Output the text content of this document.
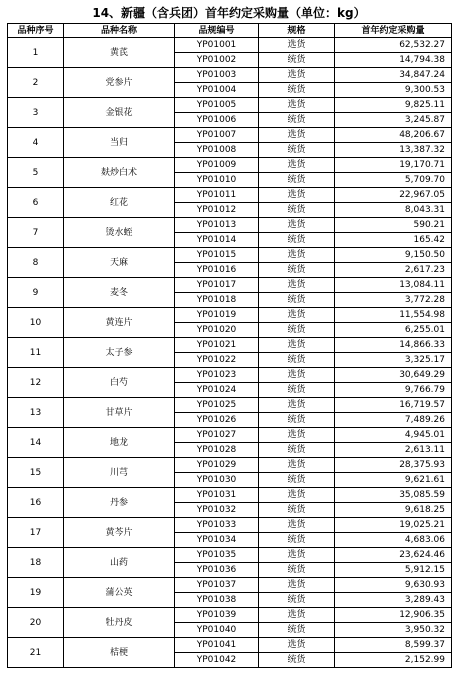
14、新疆（含兵团）首年约定采购量（单位：kg）
品种序号	品种名称	品规编号	规格	首年约定采购量
1	黄芪	YP01001	选货	62,532.27
		YP01002	统货	14,794.38
2	党参片	YP01003	选货	34,847.24
		YP01004	统货	9,300.53
3	金银花	YP01005	选货	9,825.11
		YP01006	统货	3,245.87
4	当归	YP01007	选货	48,206.67
		YP01008	统货	13,387.32
5	麸炒白术	YP01009	选货	19,170.71
		YP01010	统货	5,709.70
6	红花	YP01011	选货	22,967.05
		YP01012	统货	8,043.31
7	烫水蛭	YP01013	选货	590.21
		YP01014	统货	165.42
8	天麻	YP01015	选货	9,150.50
		YP01016	统货	2,617.23
9	麦冬	YP01017	选货	13,084.11
		YP01018	统货	3,772.28
10	黄连片	YP01019	选货	11,554.98
		YP01020	统货	6,255.01
11	太子参	YP01021	选货	14,866.33
		YP01022	统货	3,325.17
12	白芍	YP01023	选货	30,649.29
		YP01024	统货	9,766.79
13	甘草片	YP01025	选货	16,719.57
		YP01026	统货	7,489.26
14	地龙	YP01027	选货	4,945.01
		YP01028	统货	2,613.11
15	川芎	YP01029	选货	28,375.93
		YP01030	统货	9,621.61
16	丹参	YP01031	选货	35,085.59
		YP01032	统货	9,618.25
17	黄芩片	YP01033	选货	19,025.21
		YP01034	统货	4,683.06
18	山药	YP01035	选货	23,624.46
		YP01036	统货	5,912.15
19	蒲公英	YP01037	选货	9,630.93
		YP01038	统货	3,289.43
20	牡丹皮	YP01039	选货	12,906.35
		YP01040	统货	3,950.32
21	桔梗	YP01041	选货	8,599.37
		YP01042	统货	2,152.99
